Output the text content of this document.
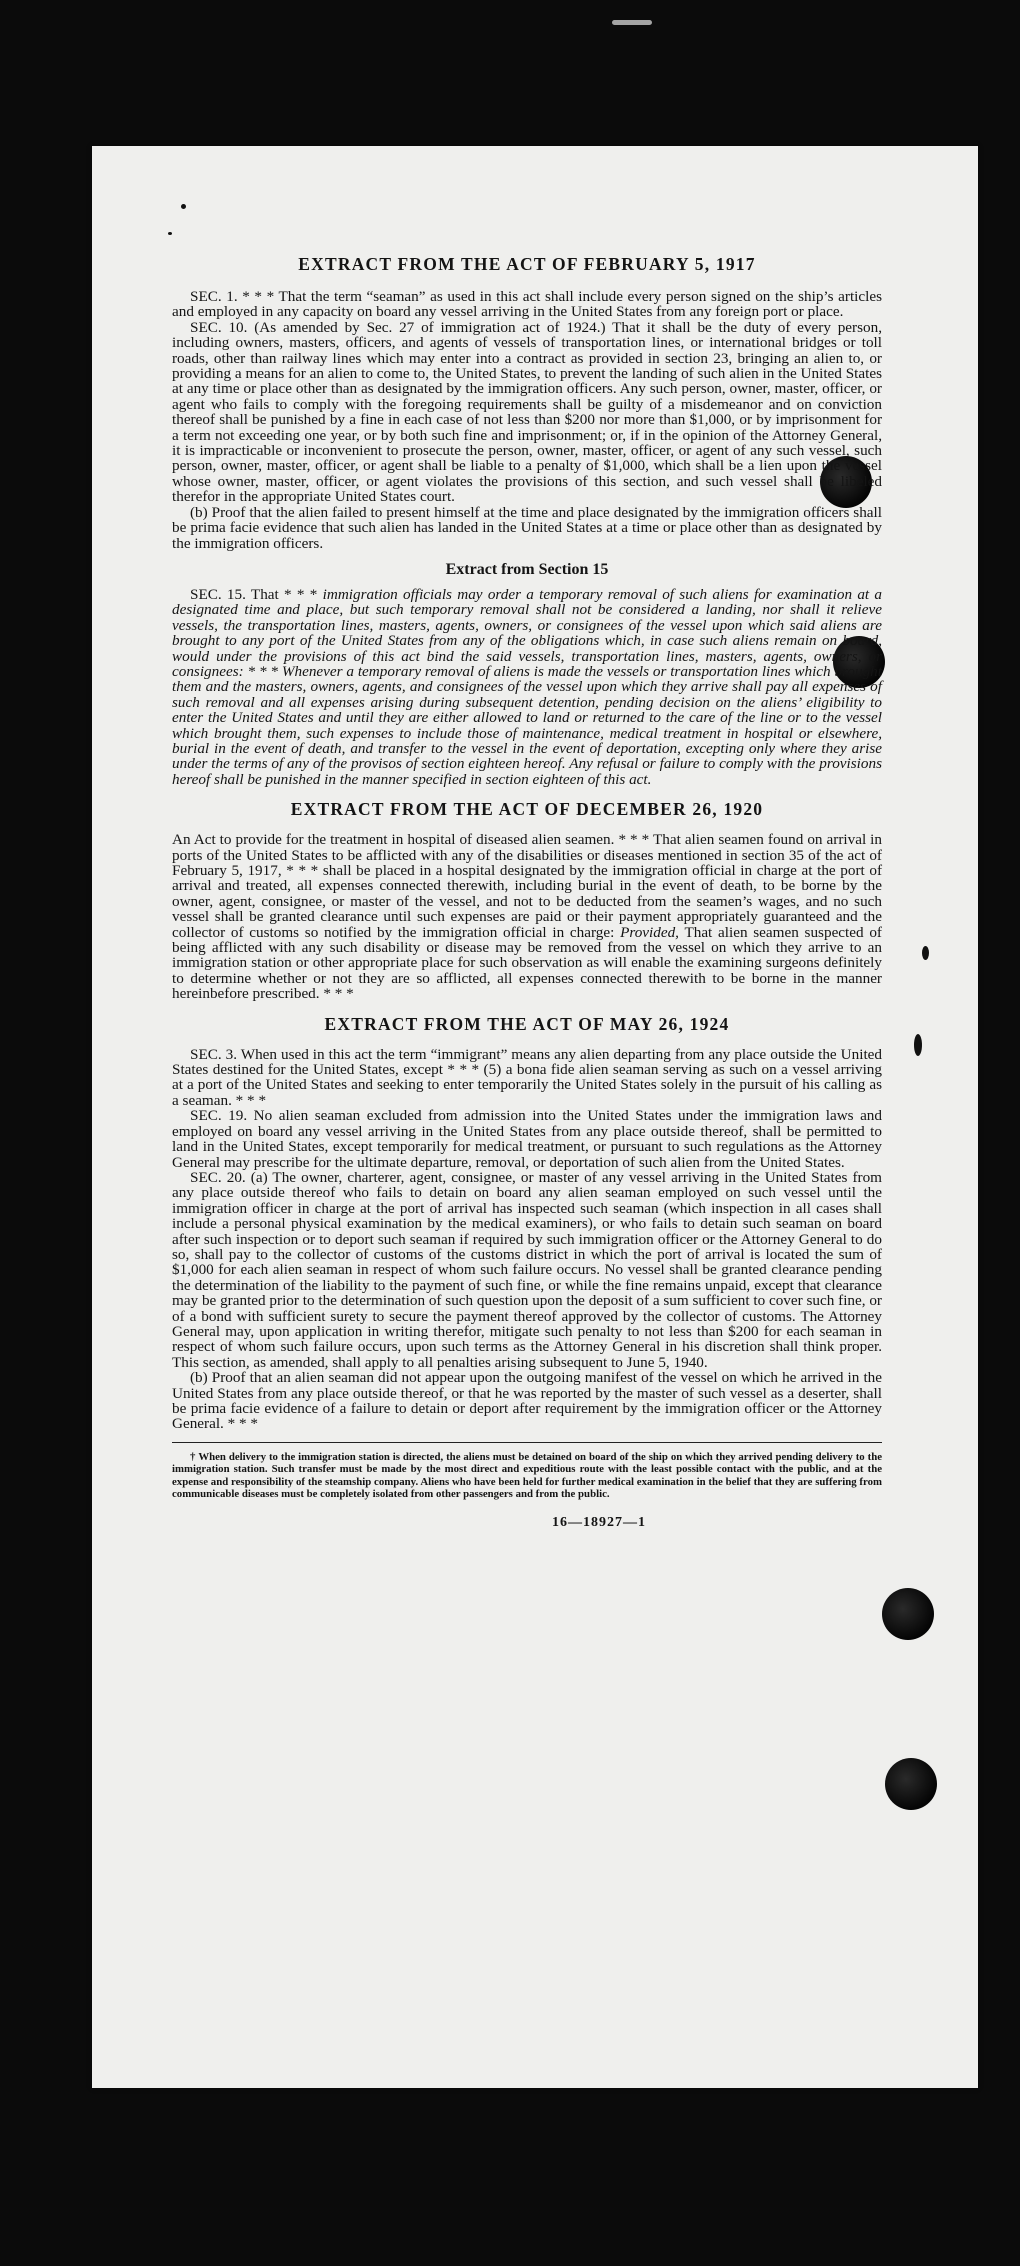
EXTRACT FROM THE ACT OF FEBRUARY 5, 1917

SEC. 1. * * * That the term “seaman” as used in this act shall include every person signed on the ship’s articles and employed in any capacity on board any vessel arriving in the United States from any foreign port or place.

SEC. 10. (As amended by Sec. 27 of immigration act of 1924.) That it shall be the duty of every person, including owners, masters, officers, and agents of vessels of transportation lines, or international bridges or toll roads, other than railway lines which may enter into a contract as provided in section 23, bringing an alien to, or providing a means for an alien to come to, the United States, to prevent the landing of such alien in the United States at any time or place other than as designated by the immigration officers. Any such person, owner, master, officer, or agent who fails to comply with the foregoing requirements shall be guilty of a misdemeanor and on conviction thereof shall be punished by a fine in each case of not less than $200 nor more than $1,000, or by imprisonment for a term not exceeding one year, or by both such fine and imprisonment; or, if in the opinion of the Attorney General, it is impracticable or inconvenient to prosecute the person, owner, master, officer, or agent of any such vessel, such person, owner, master, officer, or agent shall be liable to a penalty of $1,000, which shall be a lien upon the vessel whose owner, master, officer, or agent violates the provisions of this section, and such vessel shall be libeled therefor in the appropriate United States court.

(b) Proof that the alien failed to present himself at the time and place designated by the immigration officers shall be prima facie evidence that such alien has landed in the United States at a time or place other than as designated by the immigration officers.

Extract from Section 15

SEC. 15. That * * * immigration officials may order a temporary removal of such aliens for examination at a designated time and place, but such temporary removal shall not be considered a landing, nor shall it relieve vessels, the transportation lines, masters, agents, owners, or consignees of the vessel upon which said aliens are brought to any port of the United States from any of the obligations which, in case such aliens remain on board, would under the provisions of this act bind the said vessels, transportation lines, masters, agents, owners, or consignees: * * * Whenever a temporary removal of aliens is made the vessels or transportation lines which brought them and the masters, owners, agents, and consignees of the vessel upon which they arrive shall pay all expenses of such removal and all expenses arising during subsequent detention, pending decision on the aliens’ eligibility to enter the United States and until they are either allowed to land or returned to the care of the line or to the vessel which brought them, such expenses to include those of maintenance, medical treatment in hospital or elsewhere, burial in the event of death, and transfer to the vessel in the event of deportation, excepting only where they arise under the terms of any of the provisos of section eighteen hereof. Any refusal or failure to comply with the provisions hereof shall be punished in the manner specified in section eighteen of this act.

EXTRACT FROM THE ACT OF DECEMBER 26, 1920

An Act to provide for the treatment in hospital of diseased alien seamen. * * * That alien seamen found on arrival in ports of the United States to be afflicted with any of the disabilities or diseases mentioned in section 35 of the act of February 5, 1917, * * * shall be placed in a hospital designated by the immigration official in charge at the port of arrival and treated, all expenses connected therewith, including burial in the event of death, to be borne by the owner, agent, consignee, or master of the vessel, and not to be deducted from the seamen’s wages, and no such vessel shall be granted clearance until such expenses are paid or their payment appropriately guaranteed and the collector of customs so notified by the immigration official in charge: Provided, That alien seamen suspected of being afflicted with any such disability or disease may be removed from the vessel on which they arrive to an immigration station or other appropriate place for such observation as will enable the examining surgeons definitely to determine whether or not they are so afflicted, all expenses connected therewith to be borne in the manner hereinbefore prescribed. * * *

EXTRACT FROM THE ACT OF MAY 26, 1924

SEC. 3. When used in this act the term “immigrant” means any alien departing from any place outside the United States destined for the United States, except * * * (5) a bona fide alien seaman serving as such on a vessel arriving at a port of the United States and seeking to enter temporarily the United States solely in the pursuit of his calling as a seaman. * * *

SEC. 19. No alien seaman excluded from admission into the United States under the immigration laws and employed on board any vessel arriving in the United States from any place outside thereof, shall be permitted to land in the United States, except temporarily for medical treatment, or pursuant to such regulations as the Attorney General may prescribe for the ultimate departure, removal, or deportation of such alien from the United States.

SEC. 20. (a) The owner, charterer, agent, consignee, or master of any vessel arriving in the United States from any place outside thereof who fails to detain on board any alien seaman employed on such vessel until the immigration officer in charge at the port of arrival has inspected such seaman (which inspection in all cases shall include a personal physical examination by the medical examiners), or who fails to detain such seaman on board after such inspection or to deport such seaman if required by such immigration officer or the Attorney General to do so, shall pay to the collector of customs of the customs district in which the port of arrival is located the sum of $1,000 for each alien seaman in respect of whom such failure occurs. No vessel shall be granted clearance pending the determination of the liability to the payment of such fine, or while the fine remains unpaid, except that clearance may be granted prior to the determination of such question upon the deposit of a sum sufficient to cover such fine, or of a bond with sufficient surety to secure the payment thereof approved by the collector of customs. The Attorney General may, upon application in writing therefor, mitigate such penalty to not less than $200 for each seaman in respect of whom such failure occurs, upon such terms as the Attorney General in his discretion shall think proper. This section, as amended, shall apply to all penalties arising subsequent to June 5, 1940.

(b) Proof that an alien seaman did not appear upon the outgoing manifest of the vessel on which he arrived in the United States from any place outside thereof, or that he was reported by the master of such vessel as a deserter, shall be prima facie evidence of a failure to detain or deport after requirement by the immigration officer or the Attorney General. * * *

† When delivery to the immigration station is directed, the aliens must be detained on board of the ship on which they arrived pending delivery to the immigration station. Such transfer must be made by the most direct and expeditious route with the least possible contact with the public, and at the expense and responsibility of the steamship company. Aliens who have been held for further medical examination in the belief that they are suffering from communicable diseases must be completely isolated from other passengers and from the public.

16—18927—1
